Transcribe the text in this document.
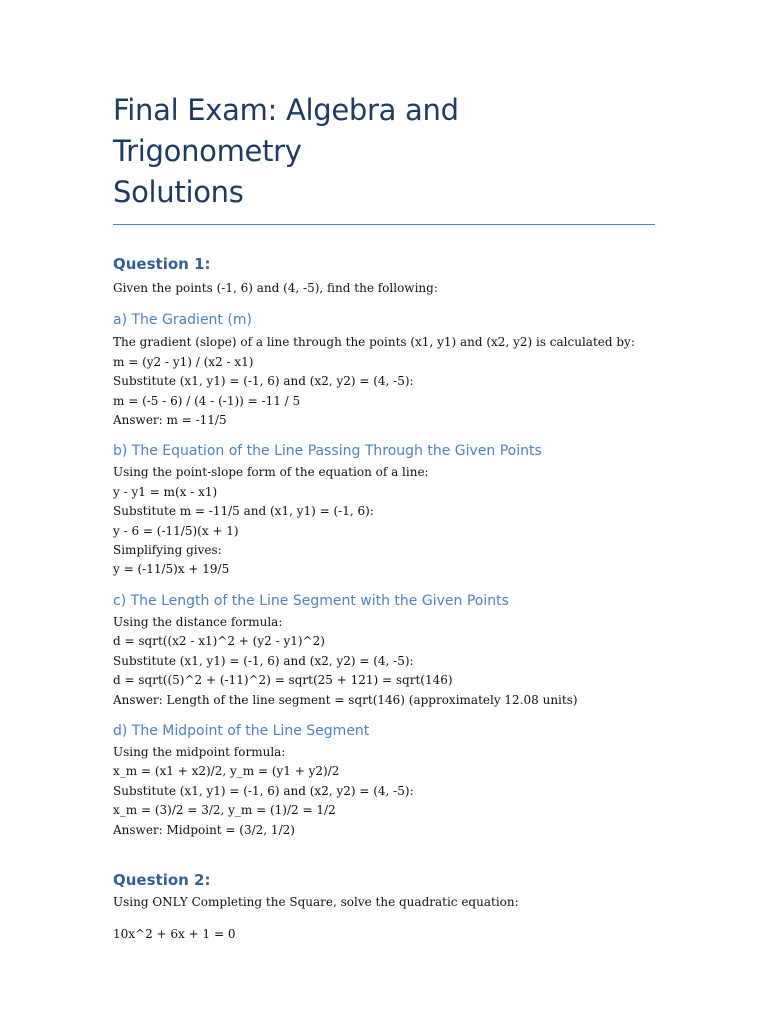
Final Exam: Algebra and Trigonometry
Solutions
Question 1:

Given the points (-1, 6) and (4, -5), find the following:

a) The Gradient (m)

The gradient (slope) of a line through the points (x1, y1) and (x2, y2) is calculated by:

m = (y2 - y1) / (x2 - x1)

Substitute (x1, y1) = (-1, 6) and (x2, y2) = (4, -5):

m = (-5 - 6) / (4 - (-1)) = -11 / 5

Answer: m = -11/5

b) The Equation of the Line Passing Through the Given Points

Using the point-slope form of the equation of a line:

y - y1 = m(x - x1)

Substitute m = -11/5 and (x1, y1) = (-1, 6):

y - 6 = (-11/5)(x + 1)

Simplifying gives:

y = (-11/5)x + 19/5

c) The Length of the Line Segment with the Given Points

Using the distance formula:

d = sqrt((x2 - x1)^2 + (y2 - y1)^2)

Substitute (x1, y1) = (-1, 6) and (x2, y2) = (4, -5):

d = sqrt((5)^2 + (-11)^2) = sqrt(25 + 121) = sqrt(146)

Answer: Length of the line segment = sqrt(146) (approximately 12.08 units)

d) The Midpoint of the Line Segment

Using the midpoint formula:

x_m = (x1 + x2)/2, y_m = (y1 + y2)/2

Substitute (x1, y1) = (-1, 6) and (x2, y2) = (4, -5):

x_m = (3)/2 = 3/2, y_m = (1)/2 = 1/2

Answer: Midpoint = (3/2, 1/2)

Question 2:

Using ONLY Completing the Square, solve the quadratic equation:

10x^2 + 6x + 1 = 0
